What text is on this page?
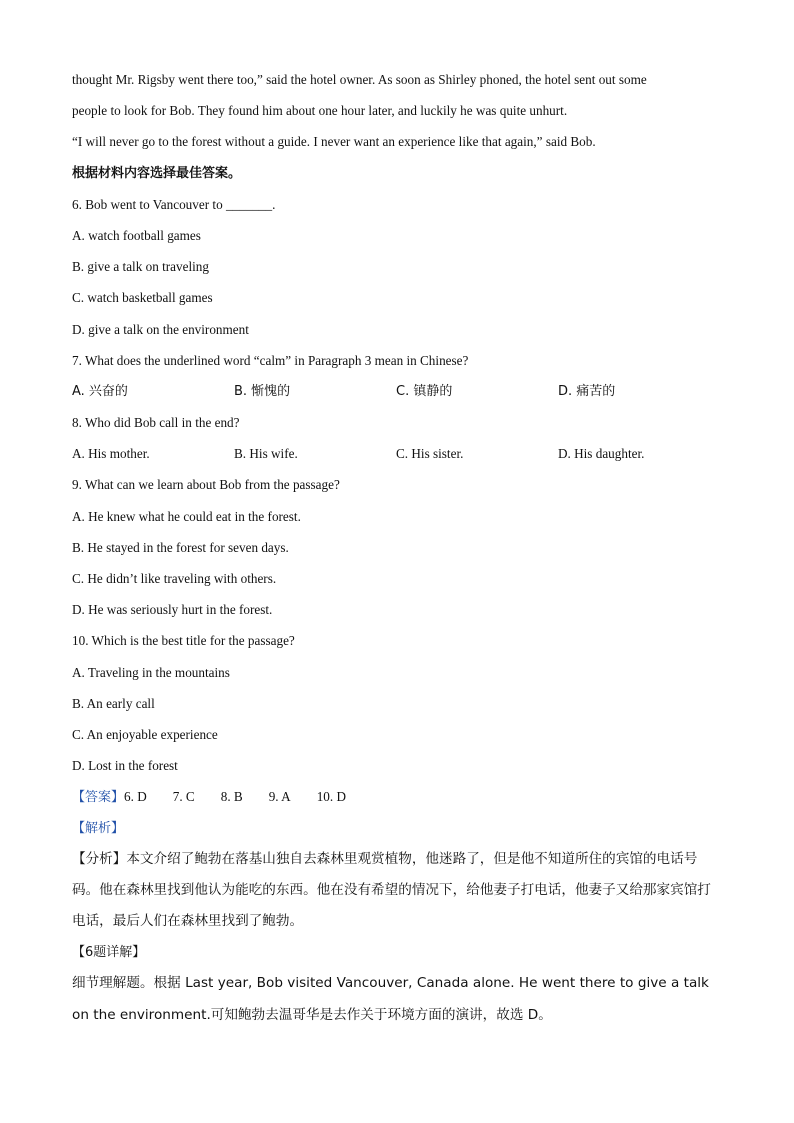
thought Mr. Rigsby went there too,” said the hotel owner. As soon as Shirley phoned, the hotel sent out some
people to look for Bob. They found him about one hour later, and luckily he was quite unhurt.
“I will never go to the forest without a guide. I never want an experience like that again,” said Bob.
根据材料内容选择最佳答案。
6. Bob went to Vancouver to _______.
A. watch football games
B. give a talk on traveling
C. watch basketball games
D. give a talk on the environment
7. What does the underlined word “calm” in Paragraph 3 mean in Chinese?
A. 兴奋的	B. 惭愧的	C. 镇静的	D. 痛苦的
8. Who did Bob call in the end?
A. His mother.	B. His wife.	C. His sister.	D. His daughter.
9. What can we learn about Bob from the passage?
A. He knew what he could eat in the forest.
B. He stayed in the forest for seven days.
C. He didn’t like traveling with others.
D. He was seriously hurt in the forest.
10. Which is the best title for the passage?
A. Traveling in the mountains
B. An early call
C. An enjoyable experience
D. Lost in the forest
【答案】6. D 7. C 8. B 9. A 10. D
【解析】
【分析】本文介绍了鲍勃在落基山独自去森林里观赏植物，他迷路了，但是他不知道所住的宾馆的电话号码。他在森林里找到他认为能吃的东西。他在没有希望的情况下，给他妻子打电话，他妻子又给那家宾馆打电话，最后人们在森林里找到了鲍勃。
【6题详解】
细节理解题。根据 Last year, Bob visited Vancouver, Canada alone. He went there to give a talk on the environment.可知鲍勃去温哥华是去作关于环境方面的演讲，故选 D。
